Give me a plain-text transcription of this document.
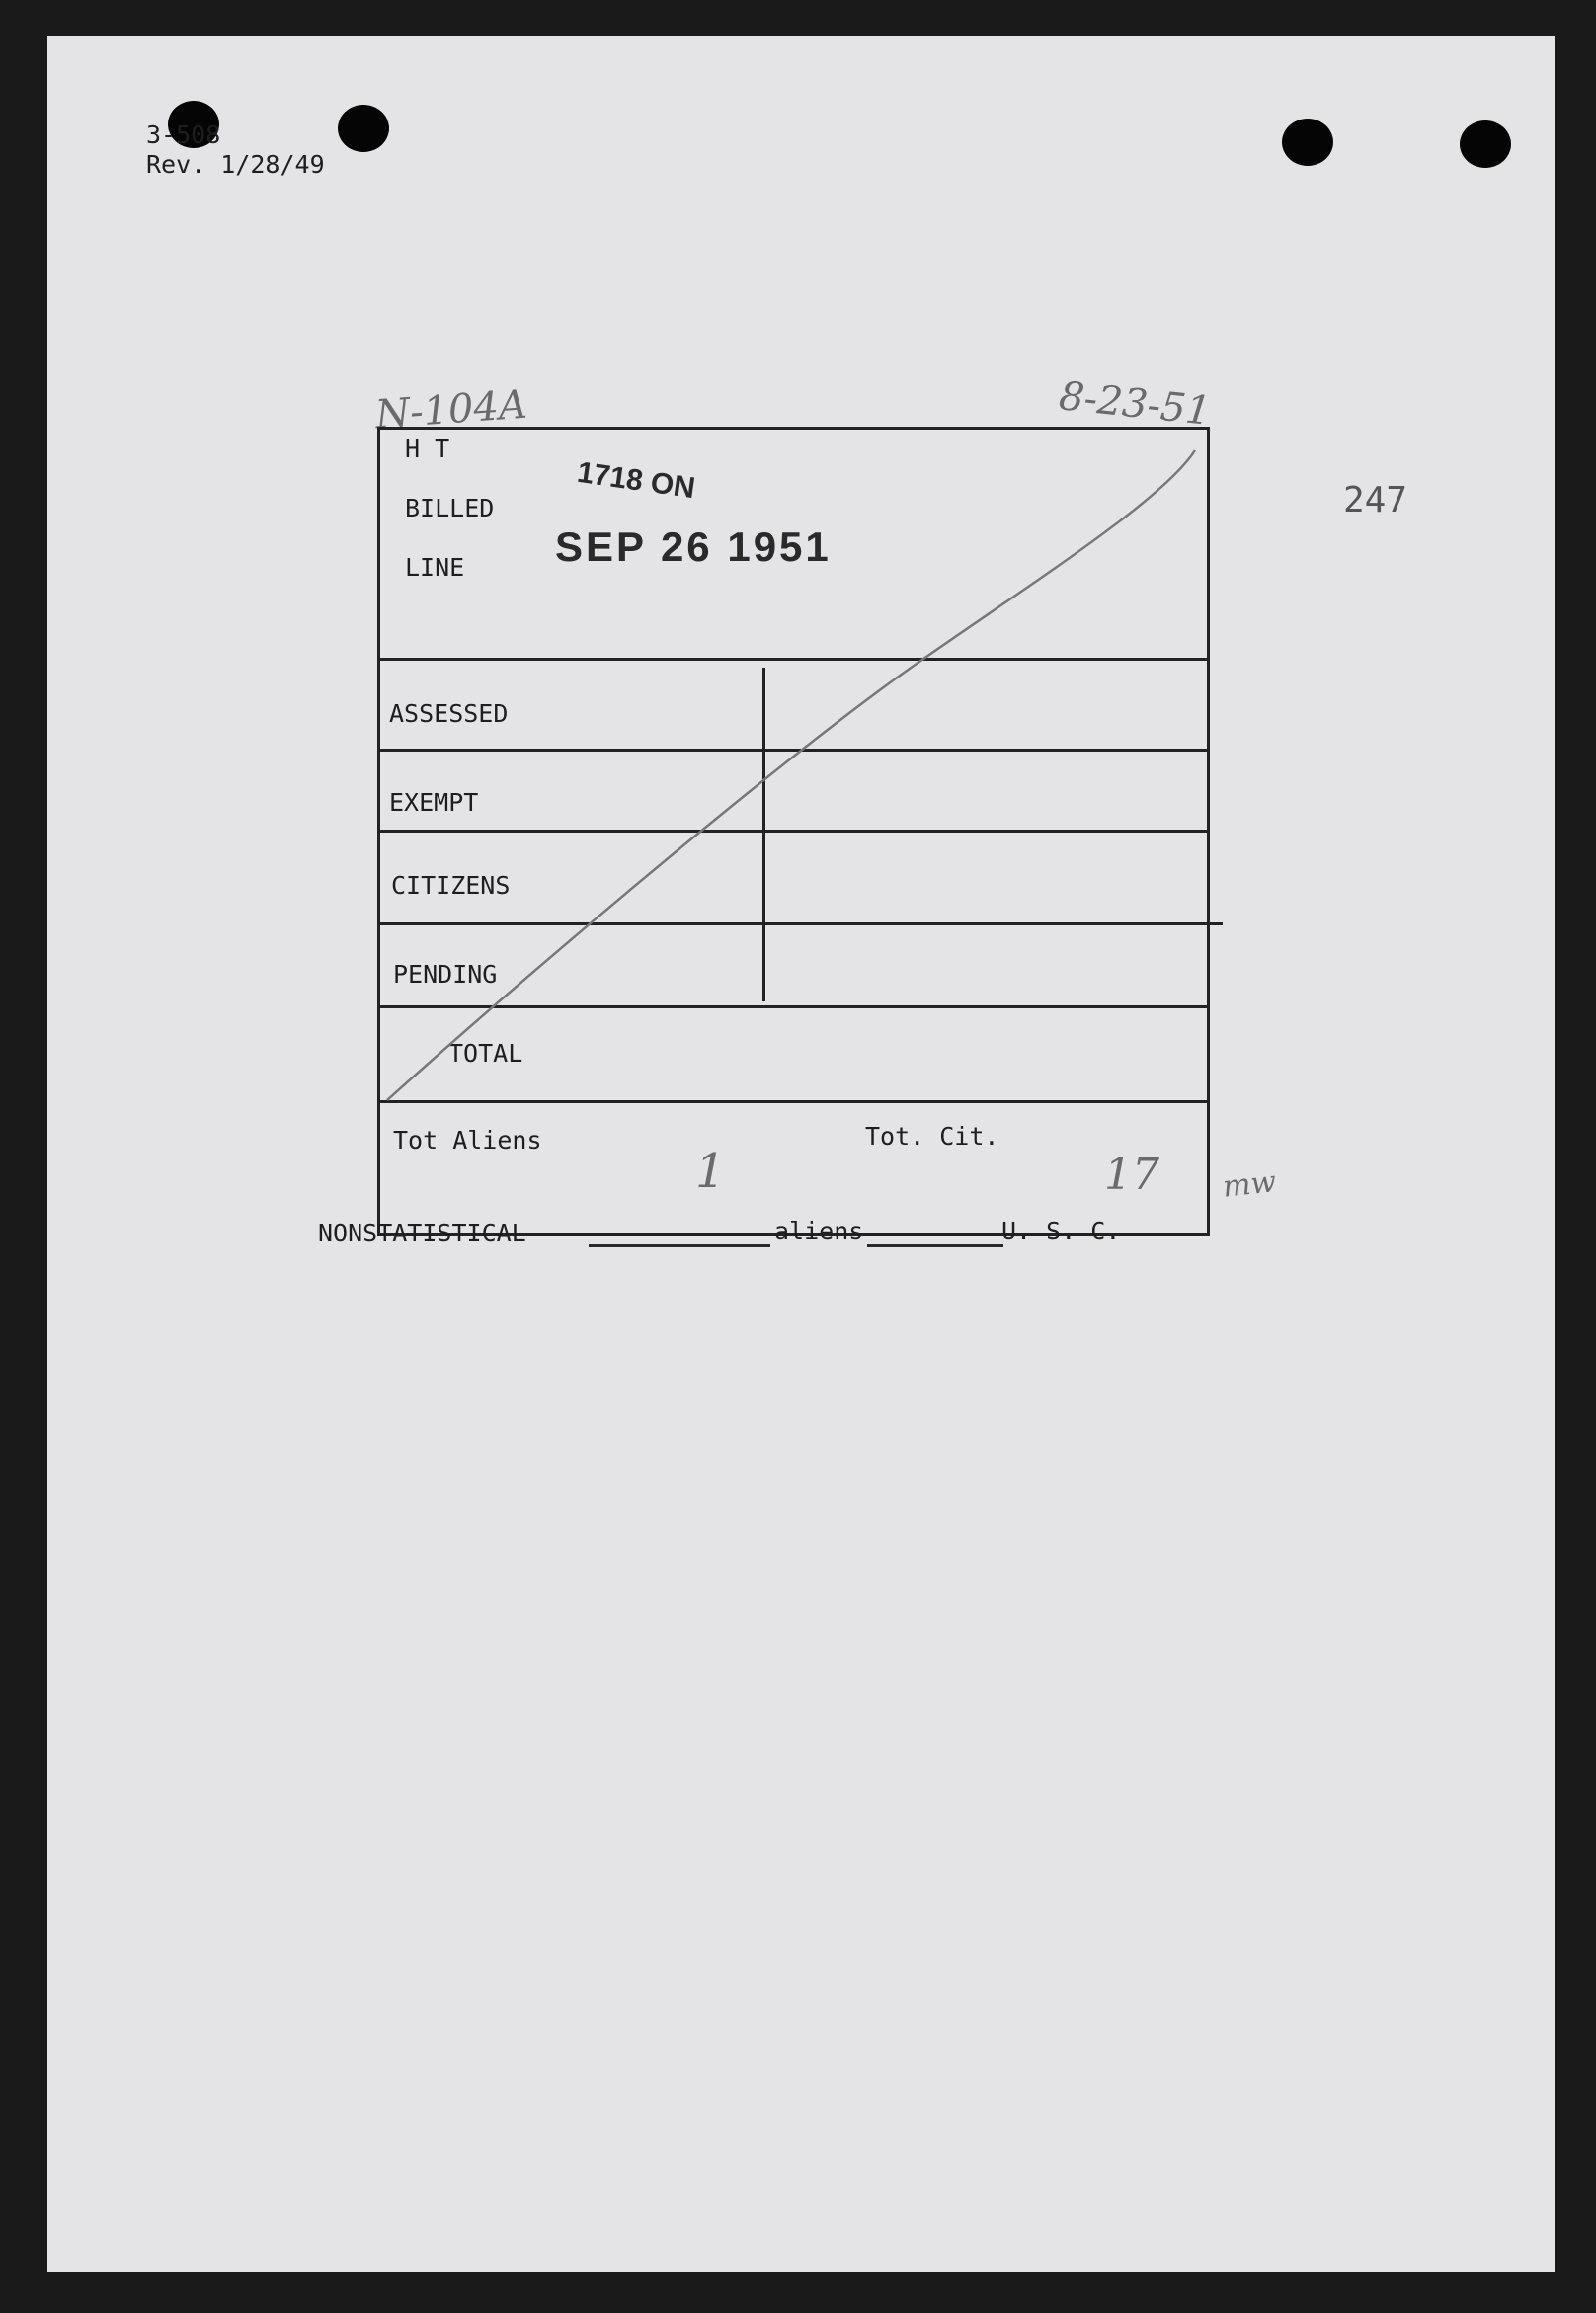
3-508
Rev. 1/28/49
247
N-104A	8-23-51
1718 ON
SEP 26 1951
H T
BILLED
LINE
ASSESSED
EXEMPT
CITIZENS
PENDING
TOTAL
Tot Aliens	Tot. Cit.
1	17 mw
NONSTATISTICAL	aliens	U. S. C.
